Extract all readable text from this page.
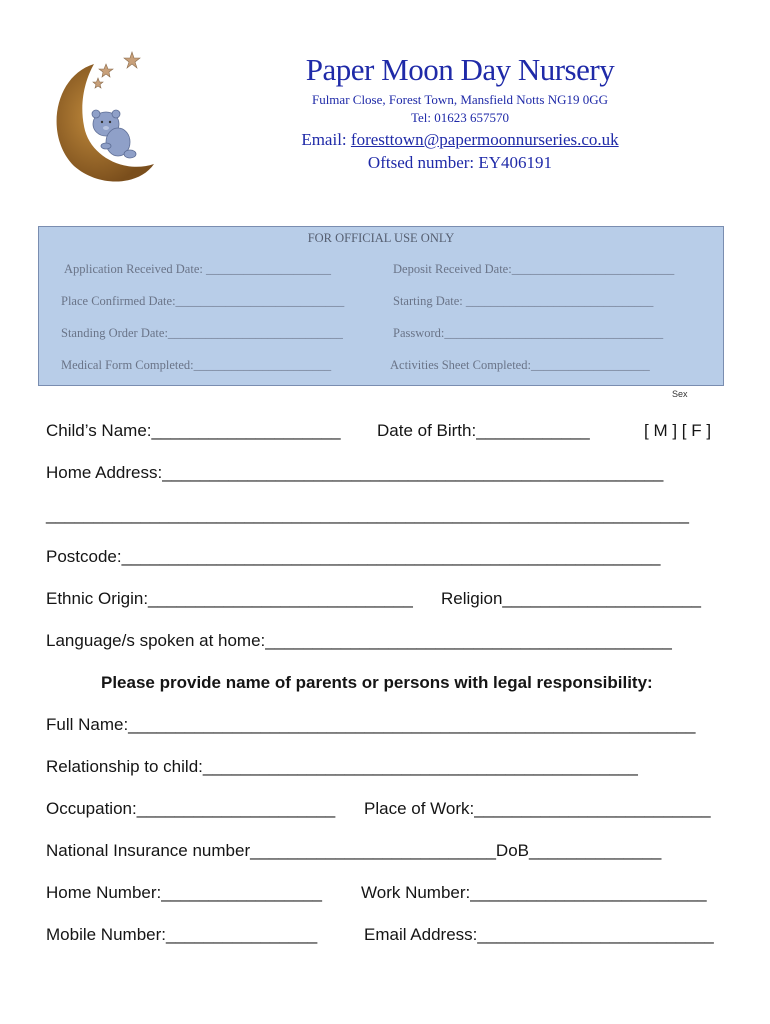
Paper Moon Day Nursery
Fulmar Close, Forest Town, Mansfield Notts NG19 0GG
Tel: 01623 657570
Email: foresttown@papermoonnurseries.co.uk
Oftsed number: EY406191
FOR OFFICIAL USE ONLY
Application Received Date: ____________________	Deposit Received Date:__________________________
Place Confirmed Date:___________________________	Starting Date: ______________________________
Standing Order Date:____________________________	Password:___________________________________
Medical Form Completed:______________________	Activities Sheet Completed:___________________
Sex
Child’s Name:____________________ Date of Birth:____________	[ M ] [ F ]
Home Address:_____________________________________________________
____________________________________________________________________
Postcode:_________________________________________________________
Ethnic Origin:____________________________ Religion_____________________
Language/s spoken at home:___________________________________________
Please provide name of parents or persons with legal responsibility:
Full Name:____________________________________________________________
Relationship to child:______________________________________________
Occupation:_____________________ Place of Work:_________________________
National Insurance number__________________________DoB______________
Home Number:_________________ Work Number:_________________________
Mobile Number:________________	Email Address:_________________________
